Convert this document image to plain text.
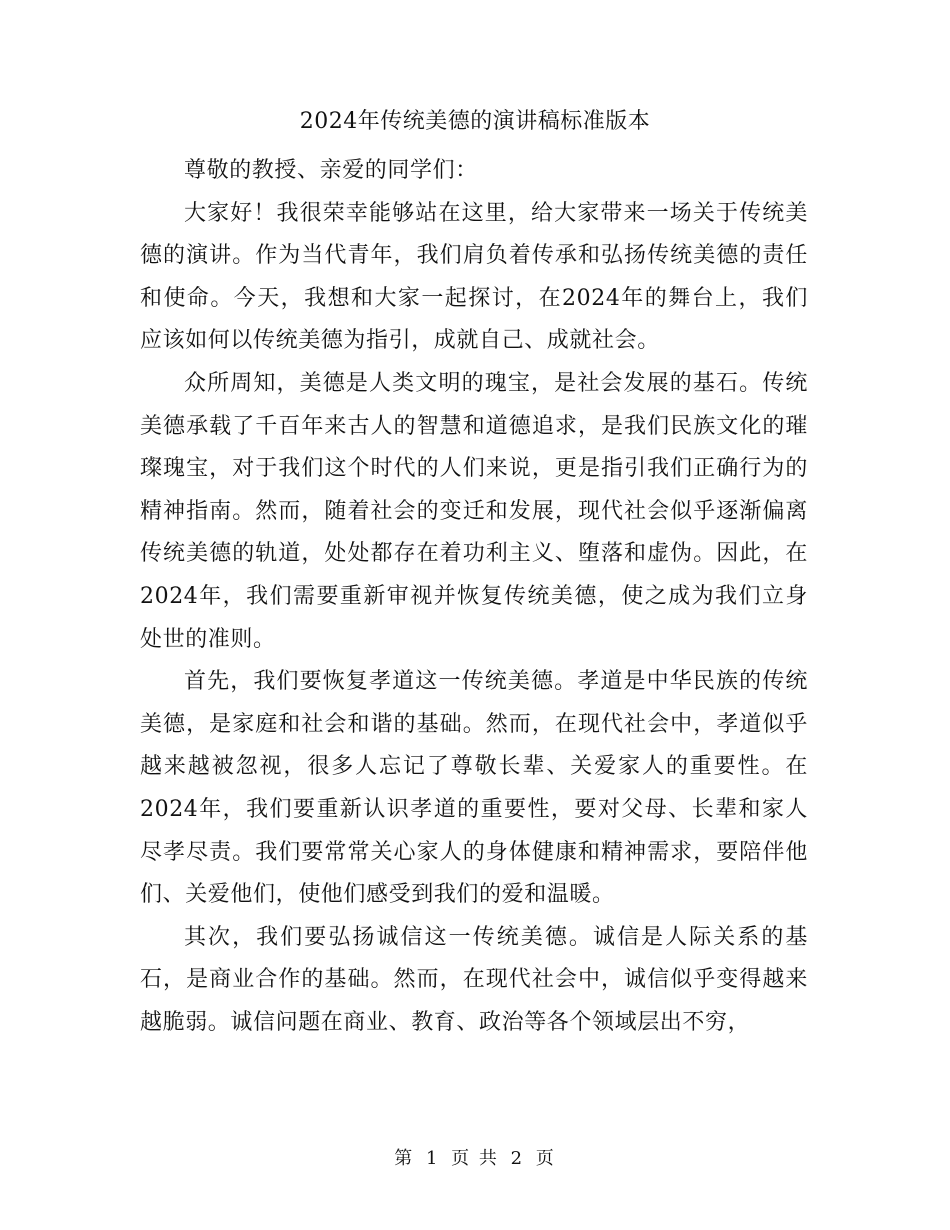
2024年传统美德的演讲稿标准版本

尊敬的教授、亲爱的同学们：

大家好！我很荣幸能够站在这里，给大家带来一场关于传统美德的演讲。作为当代青年，我们肩负着传承和弘扬传统美德的责任和使命。今天，我想和大家一起探讨，在2024年的舞台上，我们应该如何以传统美德为指引，成就自己、成就社会。

众所周知，美德是人类文明的瑰宝，是社会发展的基石。传统美德承载了千百年来古人的智慧和道德追求，是我们民族文化的璀璨瑰宝，对于我们这个时代的人们来说，更是指引我们正确行为的精神指南。然而，随着社会的变迁和发展，现代社会似乎逐渐偏离传统美德的轨道，处处都存在着功利主义、堕落和虚伪。因此，在2024年，我们需要重新审视并恢复传统美德，使之成为我们立身处世的准则。

首先，我们要恢复孝道这一传统美德。孝道是中华民族的传统美德，是家庭和社会和谐的基础。然而，在现代社会中，孝道似乎越来越被忽视，很多人忘记了尊敬长辈、关爱家人的重要性。在2024年，我们要重新认识孝道的重要性，要对父母、长辈和家人尽孝尽责。我们要常常关心家人的身体健康和精神需求，要陪伴他们、关爱他们，使他们感受到我们的爱和温暖。

其次，我们要弘扬诚信这一传统美德。诚信是人际关系的基石，是商业合作的基础。然而，在现代社会中，诚信似乎变得越来越脆弱。诚信问题在商业、教育、政治等各个领域层出不穷，

第 1 页 共 2 页
